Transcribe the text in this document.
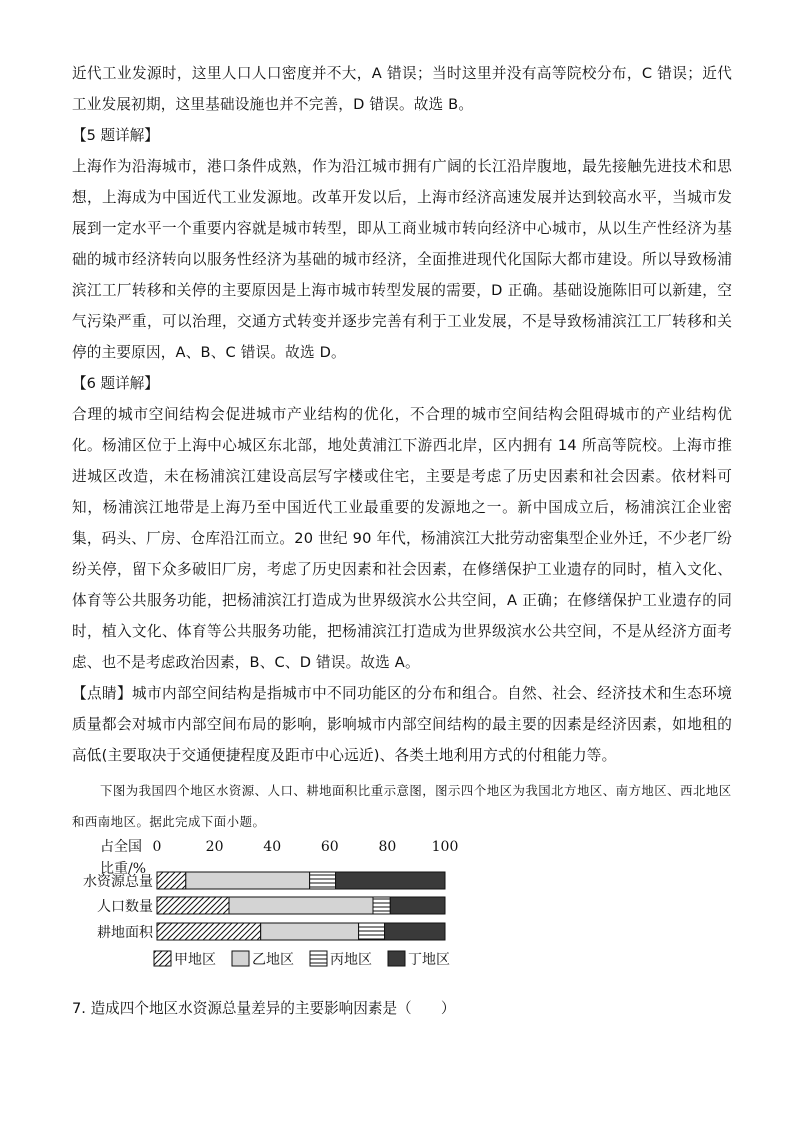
近代工业发源时，这里人口人口密度并不大，A 错误；当时这里并没有高等院校分布，C 错误；近代工业发展初期，这里基础设施也并不完善，D 错误。故选 B。

【5 题详解】

上海作为沿海城市，港口条件成熟，作为沿江城市拥有广阔的长江沿岸腹地，最先接触先进技术和思想，上海成为中国近代工业发源地。改革开发以后，上海市经济高速发展并达到较高水平，当城市发展到一定水平一个重要内容就是城市转型，即从工商业城市转向经济中心城市，从以生产性经济为基础的城市经济转向以服务性经济为基础的城市经济，全面推进现代化国际大都市建设。所以导致杨浦滨江工厂转移和关停的主要原因是上海市城市转型发展的需要，D 正确。基础设施陈旧可以新建，空气污染严重，可以治理，交通方式转变并逐步完善有利于工业发展，不是导致杨浦滨江工厂转移和关停的主要原因，A、B、C 错误。故选 D。

【6 题详解】

合理的城市空间结构会促进城市产业结构的优化，不合理的城市空间结构会阻碍城市的产业结构优化。杨浦区位于上海中心城区东北部，地处黄浦江下游西北岸，区内拥有 14 所高等院校。上海市推进城区改造，未在杨浦滨江建设高层写字楼或住宅，主要是考虑了历史因素和社会因素。依材料可知，杨浦滨江地带是上海乃至中国近代工业最重要的发源地之一。新中国成立后，杨浦滨江企业密集，码头、厂房、仓库沿江而立。20 世纪 90 年代，杨浦滨江大批劳动密集型企业外迁，不少老厂纷纷关停，留下众多破旧厂房，考虑了历史因素和社会因素，在修缮保护工业遗存的同时，植入文化、体育等公共服务功能，把杨浦滨江打造成为世界级滨水公共空间，A 正确；在修缮保护工业遗存的同时，植入文化、体育等公共服务功能，把杨浦滨江打造成为世界级滨水公共空间，不是从经济方面考虑、也不是考虑政治因素，B、C、D 错误。故选 A。

【点睛】城市内部空间结构是指城市中不同功能区的分布和组合。自然、社会、经济技术和生态环境质量都会对城市内部空间布局的影响，影响城市内部空间结构的最主要的因素是经济因素，如地租的高低(主要取决于交通便捷程度及距市中心远近)、各类土地利用方式的付租能力等。

下图为我国四个地区水资源、人口、耕地面积比重示意图，图示四个地区为我国北方地区、南方地区、西北地区和西南地区。据此完成下面小题。

占全国
比重/%
0	20	40	60	80	100
水资源总量
人口数量
耕地面积
甲地区	乙地区	丙地区	丁地区

7. 造成四个地区水资源总量差异的主要影响因素是（　　）
